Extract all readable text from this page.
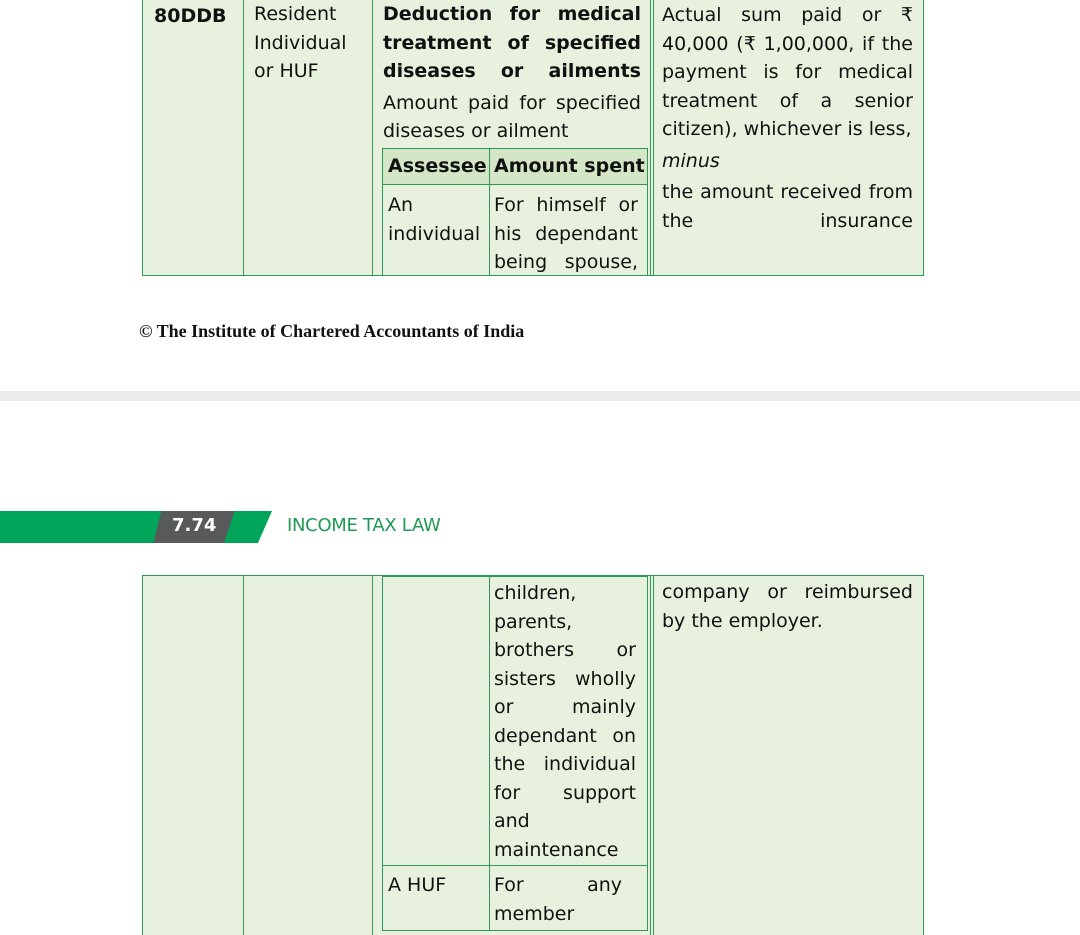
80DDB Resident
Individual
or HUF
Deduction for medical treatment of specified diseases or ailments
Amount paid for specified diseases or ailment
Assessee Amount spent
An individual
For himself or his dependant being spouse,
Actual sum paid or ₹ 40,000 (₹ 1,00,000, if the payment is for medical treatment of a senior citizen), whichever is less,
minus
the amount received from the insurance
© The Institute of Chartered Accountants of India
7.74	INCOME TAX LAW
children, parents, brothers or sisters wholly or mainly dependant on the individual for support and maintenance
A HUF	For any member
company or reimbursed by the employer.
